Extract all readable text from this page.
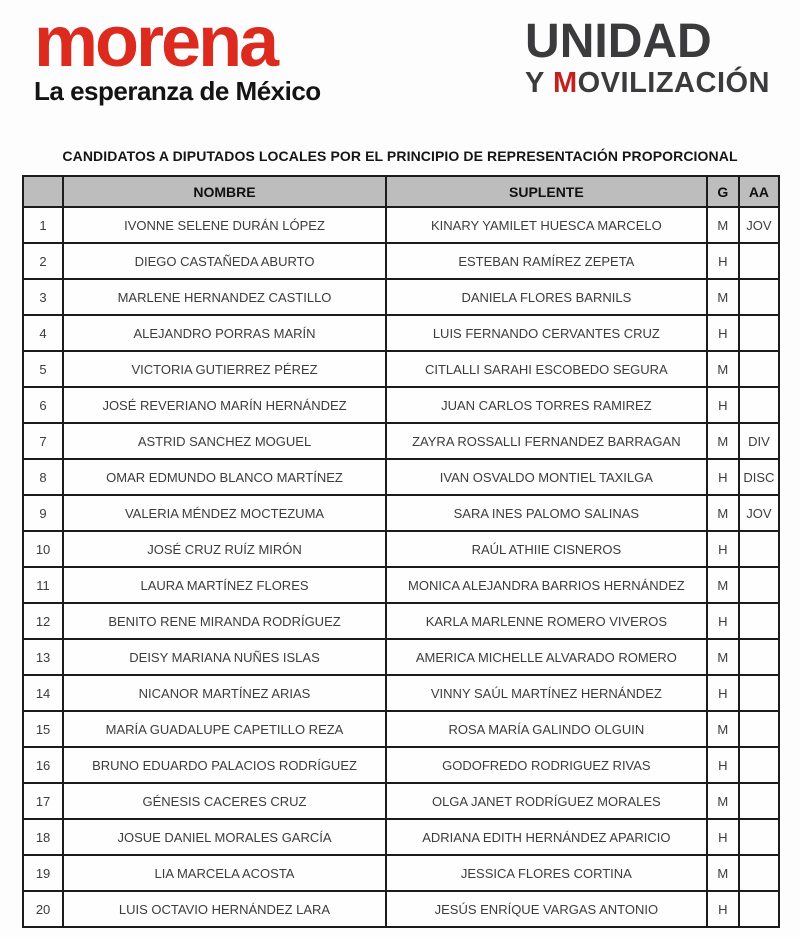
morena
La esperanza de México
UNIDAD
Y MOVILIZACIÓN
CANDIDATOS A DIPUTADOS LOCALES POR EL PRINCIPIO DE REPRESENTACIÓN PROPORCIONAL
	NOMBRE	SUPLENTE	G	AA
1	IVONNE SELENE DURÁN LÓPEZ	KINARY YAMILET HUESCA MARCELO	M	JOV
2	DIEGO CASTAÑEDA ABURTO	ESTEBAN RAMÍREZ ZEPETA	H	
3	MARLENE HERNANDEZ CASTILLO	DANIELA FLORES BARNILS	M	
4	ALEJANDRO PORRAS MARÍN	LUIS FERNANDO CERVANTES CRUZ	H	
5	VICTORIA GUTIERREZ PÉREZ	CITLALLI SARAHI ESCOBEDO SEGURA	M	
6	JOSÉ REVERIANO MARÍN HERNÁNDEZ	JUAN CARLOS TORRES RAMIREZ	H	
7	ASTRID SANCHEZ MOGUEL	ZAYRA ROSSALLI FERNANDEZ BARRAGAN	M	DIV
8	OMAR EDMUNDO BLANCO MARTÍNEZ	IVAN OSVALDO MONTIEL TAXILGA	H	DISC
9	VALERIA MÉNDEZ MOCTEZUMA	SARA INES PALOMO SALINAS	M	JOV
10	JOSÉ CRUZ RUÍZ MIRÓN	RAÚL ATHIIE CISNEROS	H	
11	LAURA MARTÍNEZ FLORES	MONICA ALEJANDRA BARRIOS HERNÁNDEZ	M	
12	BENITO RENE MIRANDA RODRÍGUEZ	KARLA MARLENNE ROMERO VIVEROS	H	
13	DEISY MARIANA NUÑES ISLAS	AMERICA MICHELLE ALVARADO ROMERO	M	
14	NICANOR MARTÍNEZ ARIAS	VINNY SAÚL MARTÍNEZ HERNÁNDEZ	H	
15	MARÍA GUADALUPE CAPETILLO REZA	ROSA MARÍA GALINDO OLGUIN	M	
16	BRUNO EDUARDO PALACIOS RODRÍGUEZ	GODOFREDO RODRIGUEZ RIVAS	H	
17	GÉNESIS CACERES CRUZ	OLGA JANET RODRÍGUEZ MORALES	M	
18	JOSUE DANIEL MORALES GARCÍA	ADRIANA EDITH HERNÁNDEZ APARICIO	H	
19	LIA MARCELA ACOSTA	JESSICA FLORES CORTINA	M	
20	LUIS OCTAVIO HERNÁNDEZ LARA	JESÚS ENRÍQUE VARGAS ANTONIO	H	
